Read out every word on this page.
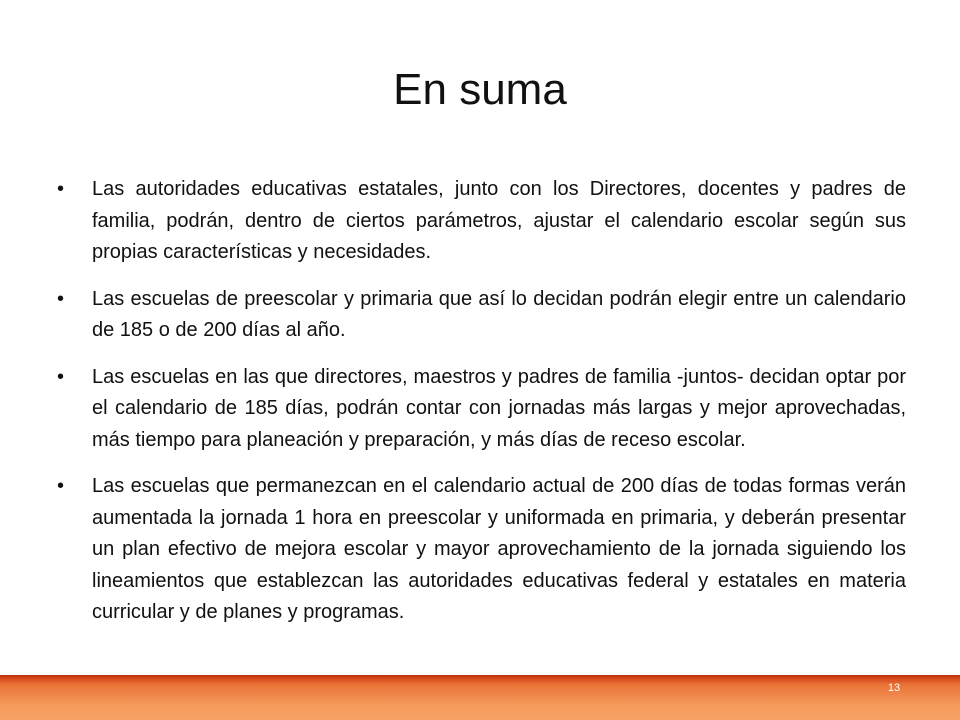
En suma
•	Las autoridades educativas estatales, junto con los Directores, docentes y padres de familia, podrán, dentro de ciertos parámetros, ajustar el calendario escolar según sus propias características y necesidades.
•	Las escuelas de preescolar y primaria que así lo decidan podrán elegir entre un calendario de 185 o de 200 días al año.
•	Las escuelas en las que directores, maestros y padres de familia -juntos- decidan optar por el calendario de 185 días, podrán contar con jornadas más largas y mejor aprovechadas, más tiempo para planeación y preparación, y más días de receso escolar.
•	Las escuelas que permanezcan en el calendario actual de 200 días de todas formas verán aumentada la jornada 1 hora en preescolar y uniformada en primaria, y deberán presentar un plan efectivo de mejora escolar y mayor aprovechamiento de la jornada siguiendo los lineamientos que establezcan las autoridades educativas federal y estatales en materia curricular y de planes y programas.
13
